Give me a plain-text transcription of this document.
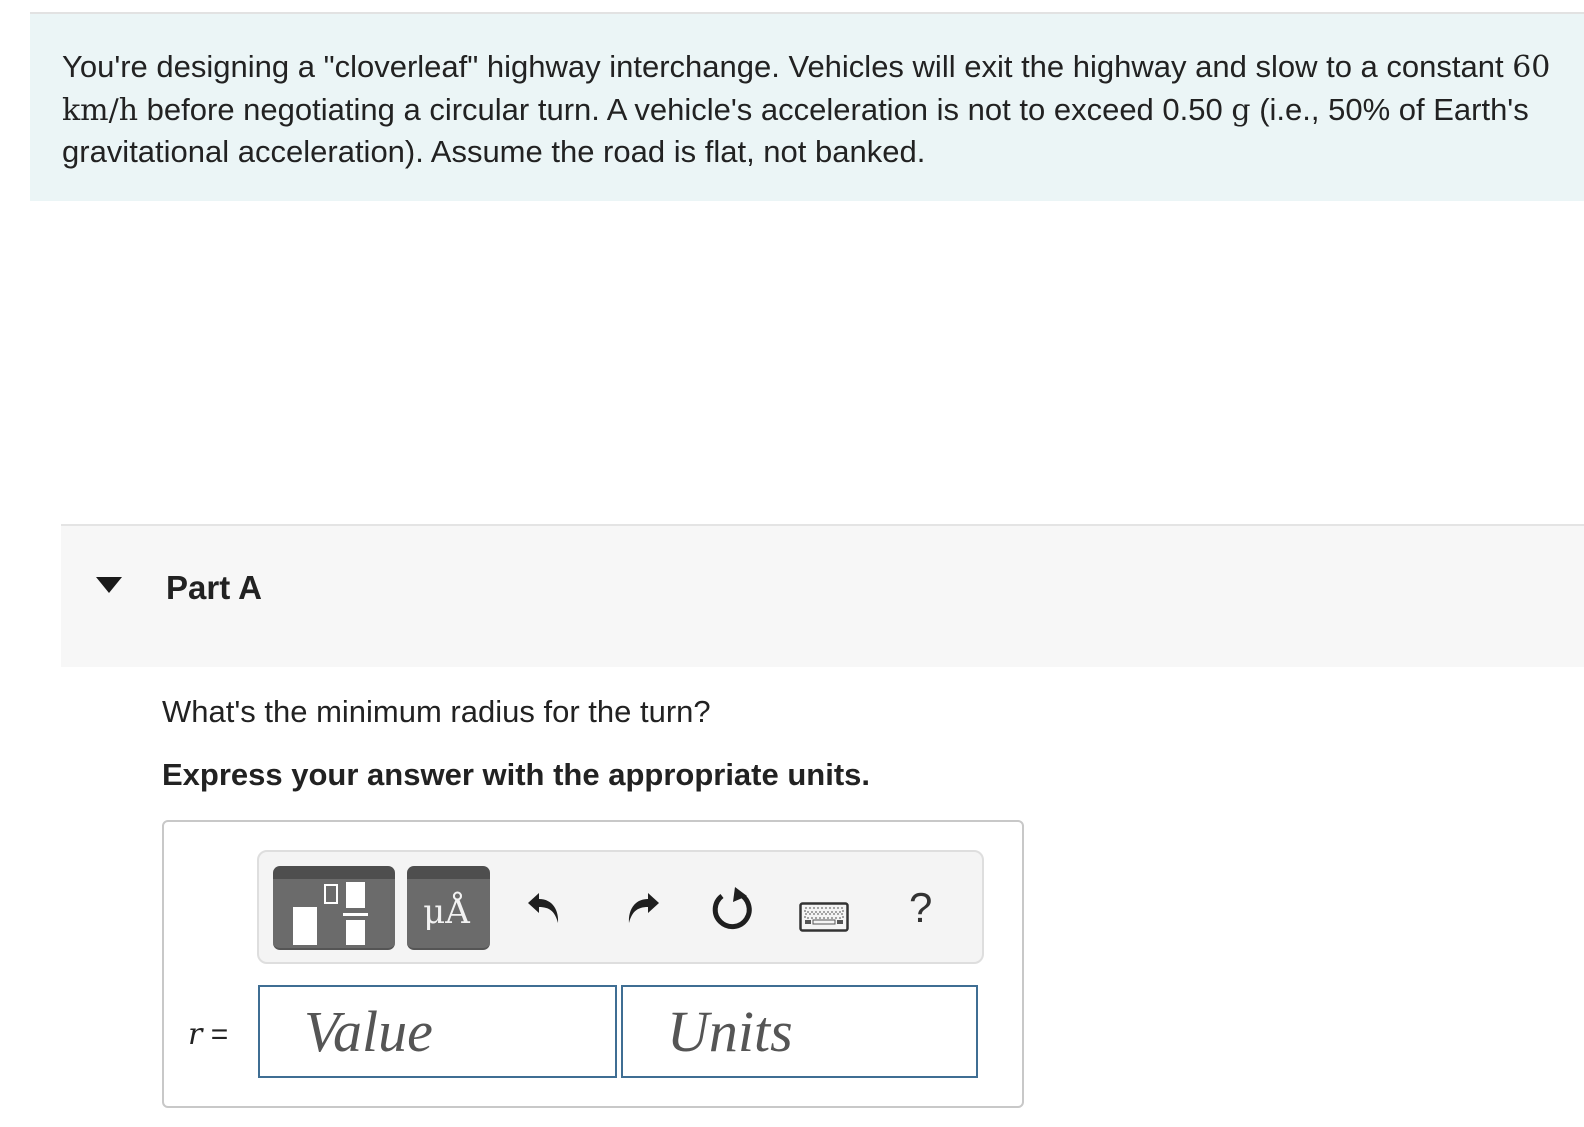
You're designing a "cloverleaf" highway interchange. Vehicles will exit the highway and slow to a constant 60km/h before negotiating a circular turn. A vehicle's acceleration is not to exceed 0.50 g (i.e., 50% of Earth's gravitational acceleration). Assume the road is flat, not banked.

Part A
What's the minimum radius for the turn?
Express your answer with the appropriate units.
μÅ	?
r =	Value	Units
